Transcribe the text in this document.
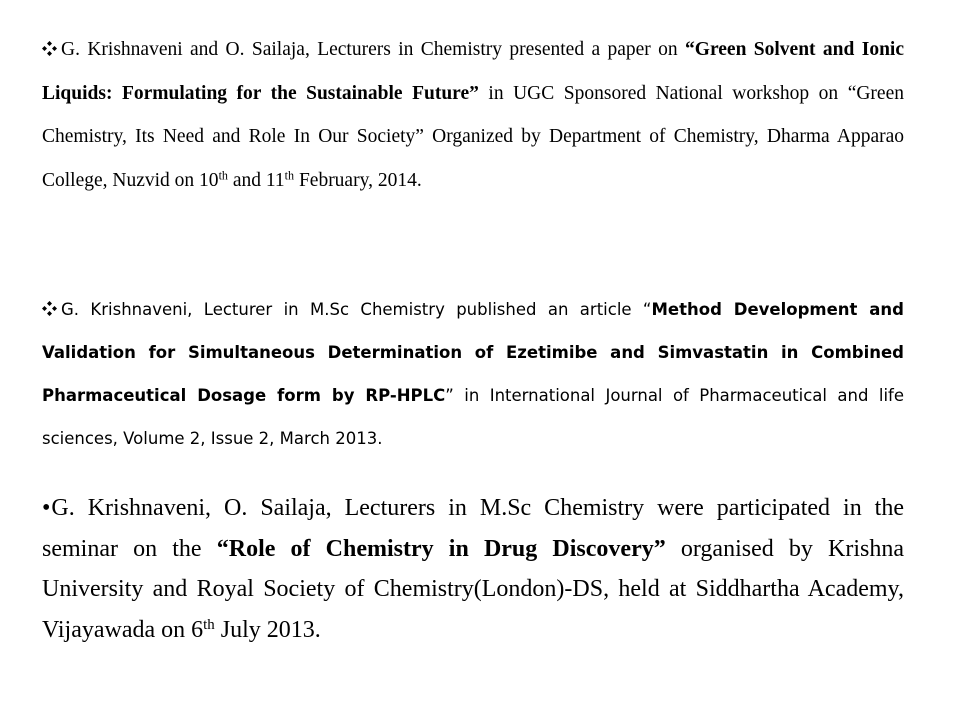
G. Krishnaveni and O. Sailaja, Lecturers in Chemistry presented a paper on “Green Solvent and Ionic Liquids: Formulating for the Sustainable Future” in UGC Sponsored National workshop on “Green Chemistry, Its Need and Role In Our Society” Organized by Department of Chemistry, Dharma Apparao College, Nuzvid on 10th and 11th February, 2014.
G. Krishnaveni, Lecturer in M.Sc Chemistry published an article “Method Development and Validation for Simultaneous Determination of Ezetimibe and Simvastatin in Combined Pharmaceutical Dosage form by RP-HPLC” in International Journal of Pharmaceutical and life sciences, Volume 2, Issue 2, March 2013.
•G. Krishnaveni, O. Sailaja, Lecturers in M.Sc Chemistry were participated in the seminar on the “Role of Chemistry in Drug Discovery” organised by Krishna University and Royal Society of Chemistry(London)-DS, held at Siddhartha Academy, Vijayawada on 6th July 2013.
